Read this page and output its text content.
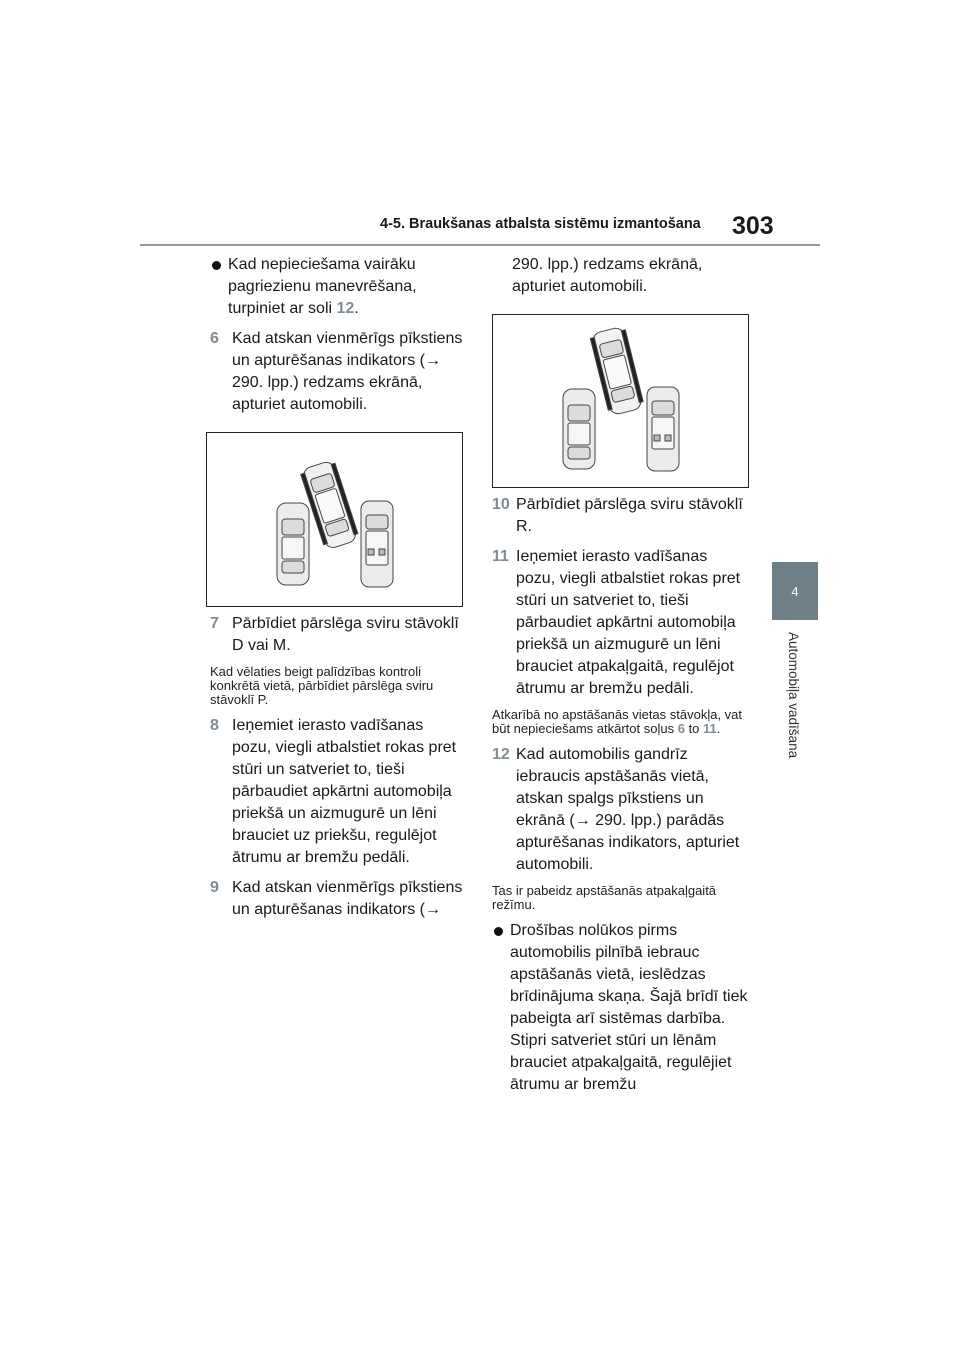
4-5. Braukšanas atbalsta sistēmu izmantošana 303
4
Automobiļa vadīšana

Kad nepieciešama vairāku pagriezienu manevrēšana, turpiniet ar soli 12.

6 Kad atskan vienmērīgs pīkstiens un apturēšanas indikators (→ 290. lpp.) redzams ekrānā, apturiet automobili.

7 Pārbīdiet pārslēga sviru stāvoklī D vai M.

Kad vēlaties beigt palīdzības kontroli konkrētā vietā, pārbīdiet pārslēga sviru stāvoklī P.

8 Ieņemiet ierasto vadīšanas pozu, viegli atbalstiet rokas pret stūri un satveriet to, tieši pārbaudiet apkārtni automobiļa priekšā un aizmugurē un lēni brauciet uz priekšu, regulējot ātrumu ar bremžu pedāli.

9 Kad atskan vienmērīgs pīkstiens un apturēšanas indikators (→

290. lpp.) redzams ekrānā, apturiet automobili.

10 Pārbīdiet pārslēga sviru stāvoklī R.

11 Ieņemiet ierasto vadīšanas pozu, viegli atbalstiet rokas pret stūri un satveriet to, tieši pārbaudiet apkārtni automobiļa priekšā un aizmugurē un lēni brauciet atpakaļgaitā, regulējot ātrumu ar bremžu pedāli.

Atkarībā no apstāšanās vietas stāvokļa, vat būt nepieciešams atkārtot soļus 6 to 11.

12 Kad automobilis gandrīz iebraucis apstāšanās vietā, atskan spalgs pīkstiens un ekrānā (→ 290. lpp.) parādās apturēšanas indikators, apturiet automobili.

Tas ir pabeidz apstāšanās atpakaļgaitā režīmu.

Drošības nolūkos pirms automobilis pilnībā iebrauc apstāšanās vietā, ieslēdzas brīdinājuma skaņa. Šajā brīdī tiek pabeigta arī sistēmas darbība. Stipri satveriet stūri un lēnām brauciet atpakaļgaitā, regulējiet ātrumu ar bremžu
